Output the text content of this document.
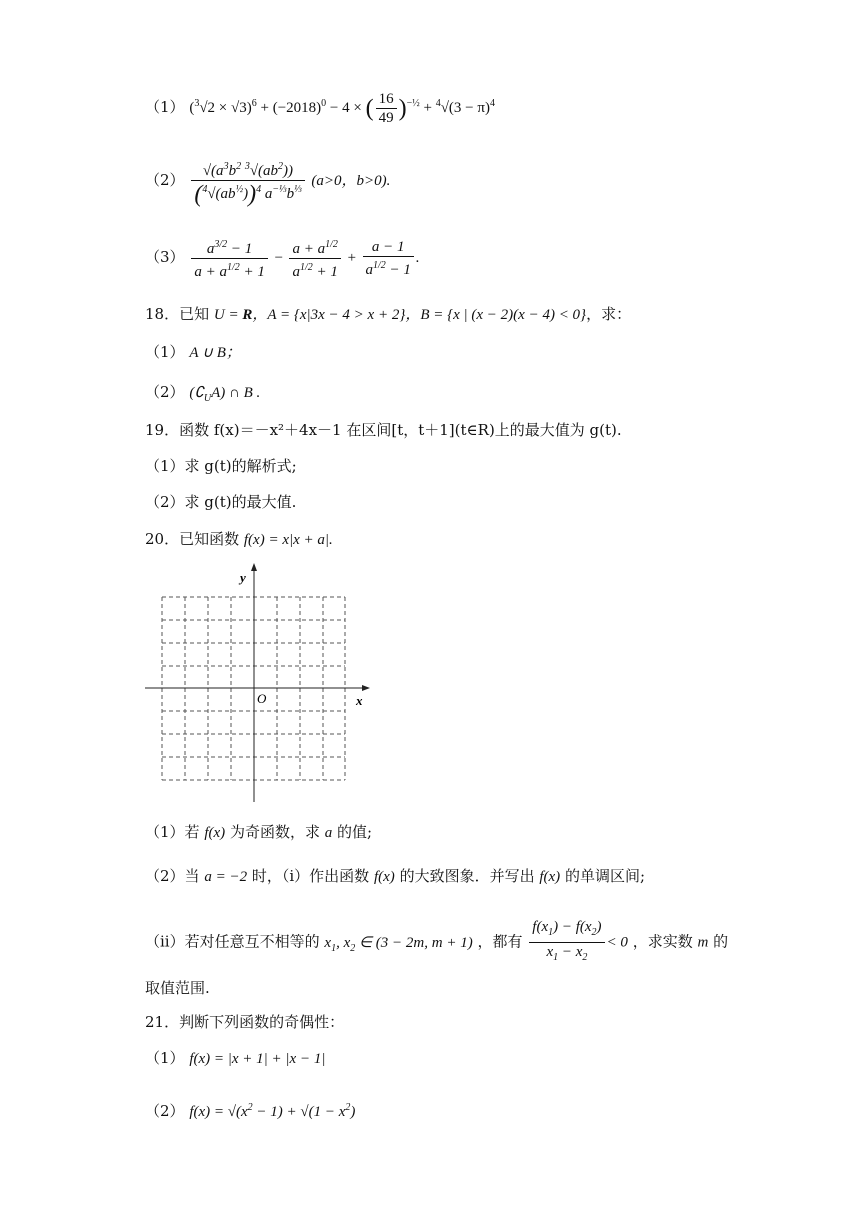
（1） $(^3√2 \times √3)^6 + (-2018)^0 - 4$ × ( $\frac{16}{49} )^{-\frac{1}{2}} + ^4√(3 - \pi)^4$
$(2) \frac{√(a^3b^2 ^3√(ab^2))}{(^4√(ab^{\frac{1}{2}}))^4 a^{-\frac{1}{3}}b^{\frac{1}{3}}} (a>0$，b>0).
$(3) \frac{a^{3/2} - 1}{a + a^{1/2} + 1} - \frac{a + a^{1/2}}{a^{1/2} + 1} + \frac{a - 1}{a^{1/2} - 1}$ .
18．已知 U = R，A = {x|3x − 4 > x + 2}，B = {x | (x − 2)(x − 4) < 0}，求：
（1） A ∪ B；
（2） $(∁_UA)$ ∩ B .
19．函数 f(x)＝－x²＋4x－1 在区间[t，t＋1](t∈R)上的最大值为 g(t).
（1）求 g(t)的解析式;
（2）求 g(t)的最大值.
20．已知函数 f(x) = x|x + a|.
y
x
O
（1）若 f(x) 为奇函数，求 a 的值;
（2）当 a = −2 时，（i）作出函数 f(x) 的大致图象．并写出 f(x) 的单调区间;
（ii）若对任意互不相等的 $x_1$, $x_2$ ∈ (3 − 2m, m + 1) ，都有 $\frac{f(x_1) - f(x_2)}{x_1 - x_2} < 0$ ，求实数 m 的
取值范围.
21．判断下列函数的奇偶性：
（1） f(x) = |x + 1| + |x − 1|
（2） $f(x) = √(x^2 - 1) + √(1 - x^2)$
